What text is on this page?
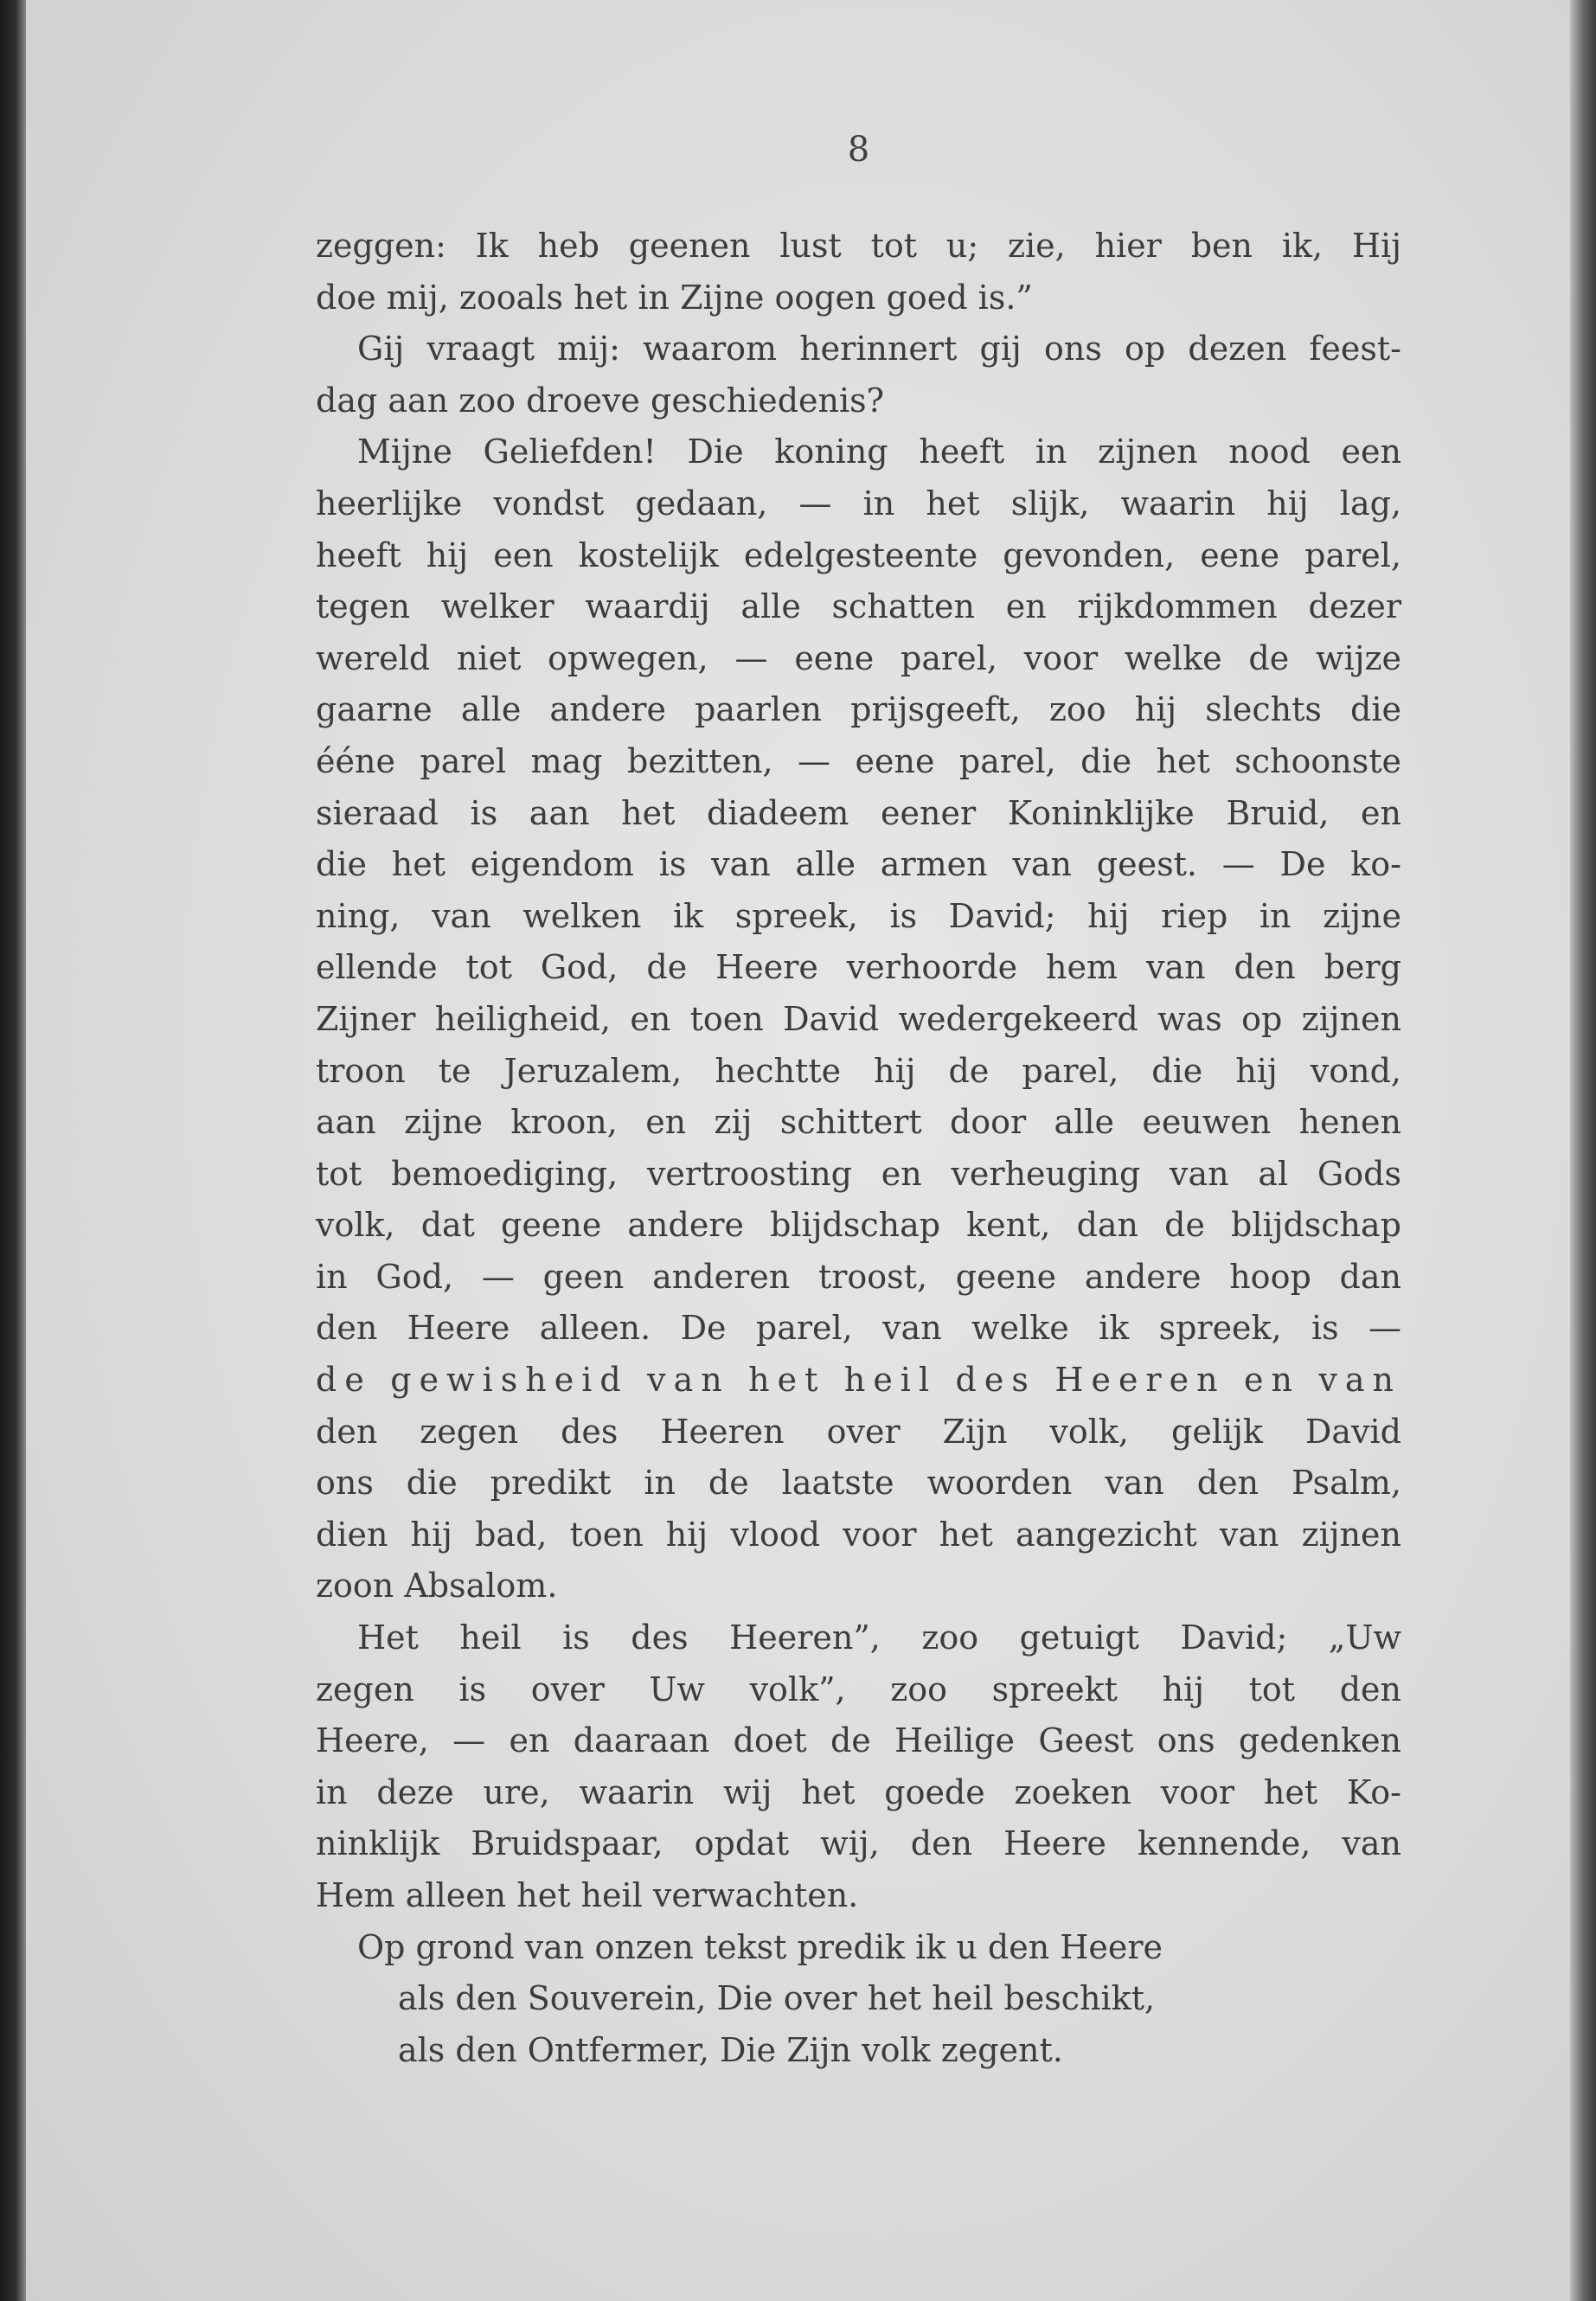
8
zeggen: Ik heb geenen lust tot u; zie, hier ben ik, Hij
doe mij, zooals het in Zijne oogen goed is.”
Gij vraagt mij: waarom herinnert gij ons op dezen feest-
dag aan zoo droeve geschiedenis?
Mijne Geliefden! Die koning heeft in zijnen nood een
heerlijke vondst gedaan, — in het slijk, waarin hij lag,
heeft hij een kostelijk edelgesteente gevonden, eene parel,
tegen welker waardij alle schatten en rijkdommen dezer
wereld niet opwegen, — eene parel, voor welke de wijze
gaarne alle andere paarlen prijsgeeft, zoo hij slechts die
ééne parel mag bezitten, — eene parel, die het schoonste
sieraad is aan het diadeem eener Koninklijke Bruid, en
die het eigendom is van alle armen van geest. — De ko-
ning, van welken ik spreek, is David; hij riep in zijne
ellende tot God, de Heere verhoorde hem van den berg
Zijner heiligheid, en toen David wedergekeerd was op zijnen
troon te Jeruzalem, hechtte hij de parel, die hij vond,
aan zijne kroon, en zij schittert door alle eeuwen henen
tot bemoediging, vertroosting en verheuging van al Gods
volk, dat geene andere blijdschap kent, dan de blijdschap
in God, — geen anderen troost, geene andere hoop dan
den Heere alleen. De parel, van welke ik spreek, is —
de gewisheid van het heil des Heeren en van
den zegen des Heeren over Zijn volk, gelijk David
ons die predikt in de laatste woorden van den Psalm,
dien hij bad, toen hij vlood voor het aangezicht van zijnen
zoon Absalom.
Het heil is des Heeren”, zoo getuigt David; „Uw
zegen is over Uw volk”, zoo spreekt hij tot den
Heere, — en daaraan doet de Heilige Geest ons gedenken
in deze ure, waarin wij het goede zoeken voor het Ko-
ninklijk Bruidspaar, opdat wij, den Heere kennende, van
Hem alleen het heil verwachten.
Op grond van onzen tekst predik ik u den Heere
als den Souverein, Die over het heil beschikt,
als den Ontfermer, Die Zijn volk zegent.
